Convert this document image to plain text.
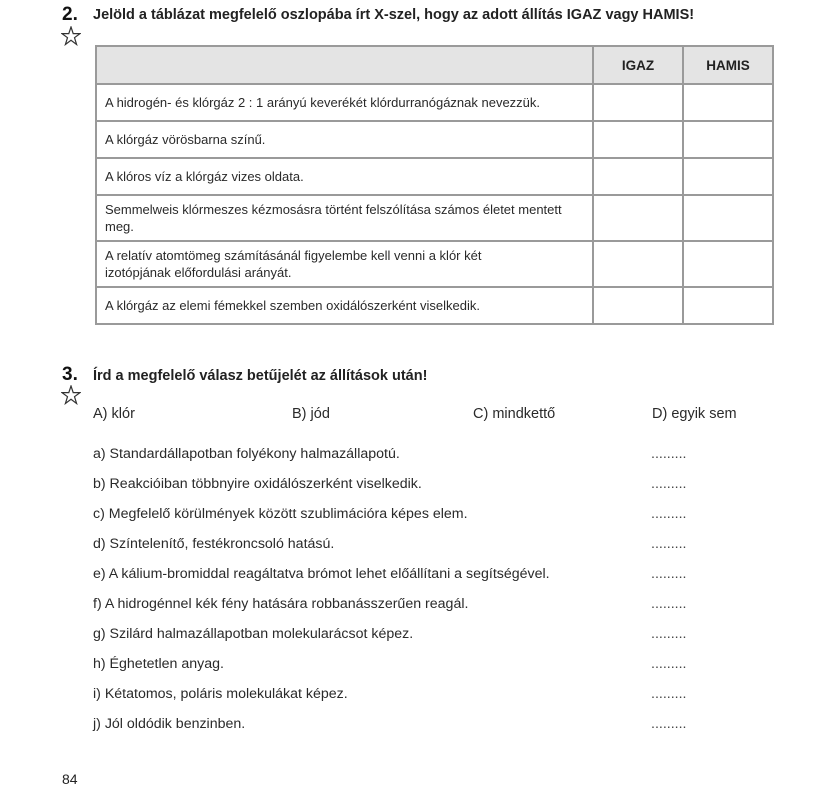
2. Jelöld a táblázat megfelelő oszlopába írt X-szel, hogy az adott állítás IGAZ vagy HAMIS!
	IGAZ	HAMIS
A hidrogén- és klórgáz 2 : 1 arányú keverékét klórdurranógáznak nevezzük.		
A klórgáz vörösbarna színű.		
A klóros víz a klórgáz vizes oldata.		

Semmelweis klórmeszes kézmosásra történt felszólítása számos életet mentett meg.		

A relatív atomtömeg számításánál figyelembe kell venni a klór két izotópjának előfordulási arányát.		

A klórgáz az elemi fémekkel szemben oxidálószerként viselkedik.		
3. Írd a megfelelő válasz betűjelét az állítások után!
A) klór	B) jód	C) mindkettő	D) egyik sem
a) Standardállapotban folyékony halmazállapotú.	.........
b) Reakcióiban többnyire oxidálószerként viselkedik.	.........
c) Megfelelő körülmények között szublimációra képes elem.	.........
d) Színtelenítő, festékroncsoló hatású.	.........
e) A kálium-bromiddal reagáltatva brómot lehet előállítani a segítségével.	.........
f) A hidrogénnel kék fény hatására robbanásszerűen reagál.	.........
g) Szilárd halmazállapotban molekularácsot képez.	.........
h) Éghetetlen anyag.	.........
i) Kétatomos, poláris molekulákat képez.	.........
j) Jól oldódik benzinben.	.........
84
